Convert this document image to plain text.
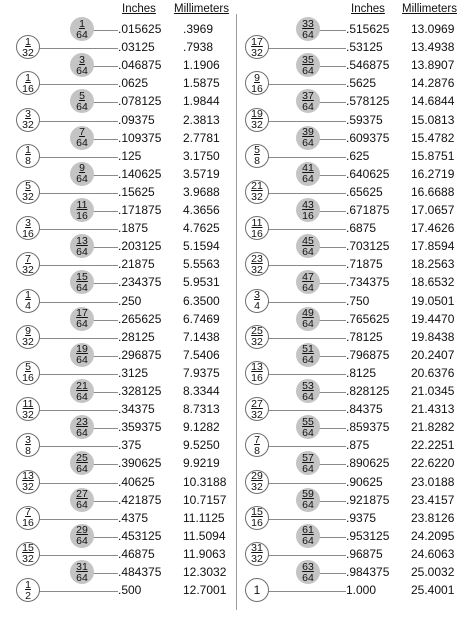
Inches Millimeters
$\frac{1}{64} .015625$ .3969
$\frac{1}{32}$	.03125 .7938
$\frac{3}{64} .046875$ 1.1906
$\frac{1}{16}$	.0625	1.5875
$\frac{5}{64} .078125$ 1.9844
$\frac{3}{32}$	.09375 2.3813
$\frac{7}{64} .109375$ 2.7781
$\frac{1}{8}$	.125	3.1750
$\frac{9}{64} .140625$ 3.5719
$\frac{5}{32}$	.15625 3.9688
$\frac{11}{16} .171875$ 4.3656
$\frac{3}{16}$	.1875	4.7625
$\frac{13}{64} .203125$ 5.1594
$\frac{7}{32}$	.21875 5.5563
$\frac{15}{64} .234375$ 5.9531
$\frac{1}{4}$	.250	6.3500
$\frac{17}{64} .265625$ 6.7469
$\frac{9}{32}$	.28125 7.1438
$\frac{19}{64} .296875$ 7.5406
$\frac{5}{16}$	.3125	7.9375
$\frac{21}{64} .328125$ 8.3344
$\frac{11}{32}$	.34375 8.7313
$\frac{23}{64} .359375$ 9.1282
$\frac{3}{8}$	.375	9.5250
$\frac{25}{64} .390625$ 9.9219
$\frac{13}{32}$	.40625 10.3188
$\frac{27}{64} .421875$ 10.7157
$\frac{7}{16}$	.4375	11.1125
$\frac{29}{64} .453125$ 11.5094
$\frac{15}{32}$	.46875 11.9063
$\frac{31}{64} .484375$ 12.3032
$\frac{1}{2}$	.500	12.7001
Inches Millimeters
$\frac{33}{64} .515625$ 13.0969
$\frac{17}{32}$	.53125 13.4938
$\frac{35}{64} .546875$ 13.8907
$\frac{9}{16}$	.5625	14.2876
$\frac{37}{64} .578125$ 14.6844
$\frac{19}{32}$	.59375 15.0813
$\frac{39}{64} .609375$ 15.4782
$\frac{5}{8}$	.625	15.8751
$\frac{41}{64} .640625$ 16.2719
$\frac{21}{32}$	.65625 16.6688
$\frac{43}{16} .671875$ 17.0657
$\frac{11}{16}$	.6875	17.4626
$\frac{45}{64} .703125$ 17.8594
$\frac{23}{32}$	.71875 18.2563
$\frac{47}{64} .734375$ 18.6532
$\frac{3}{4}$	.750	19.0501
$\frac{49}{64} .765625$ 19.4470
$\frac{25}{32}$	.78125 19.8438
$\frac{51}{64} .796875$ 20.2407
$\frac{13}{16}$	.8125	20.6376
$\frac{53}{64} .828125$ 21.0345
$\frac{27}{32}$	.84375 21.4313
$\frac{55}{64} .859375$ 21.8282
$\frac{7}{8}$	.875	22.2251
$\frac{57}{64} .890625$ 22.6220
$\frac{29}{32}$	.90625 23.0188
$\frac{59}{64} .921875$ 23.4157
$\frac{15}{16}$	.9375	23.8126
$\frac{61}{64} .953125$ 24.2095
$\frac{31}{32}$	.96875 24.6063
$\frac{63}{64} .984375$ 25.0032
1	1.000	25.4001
